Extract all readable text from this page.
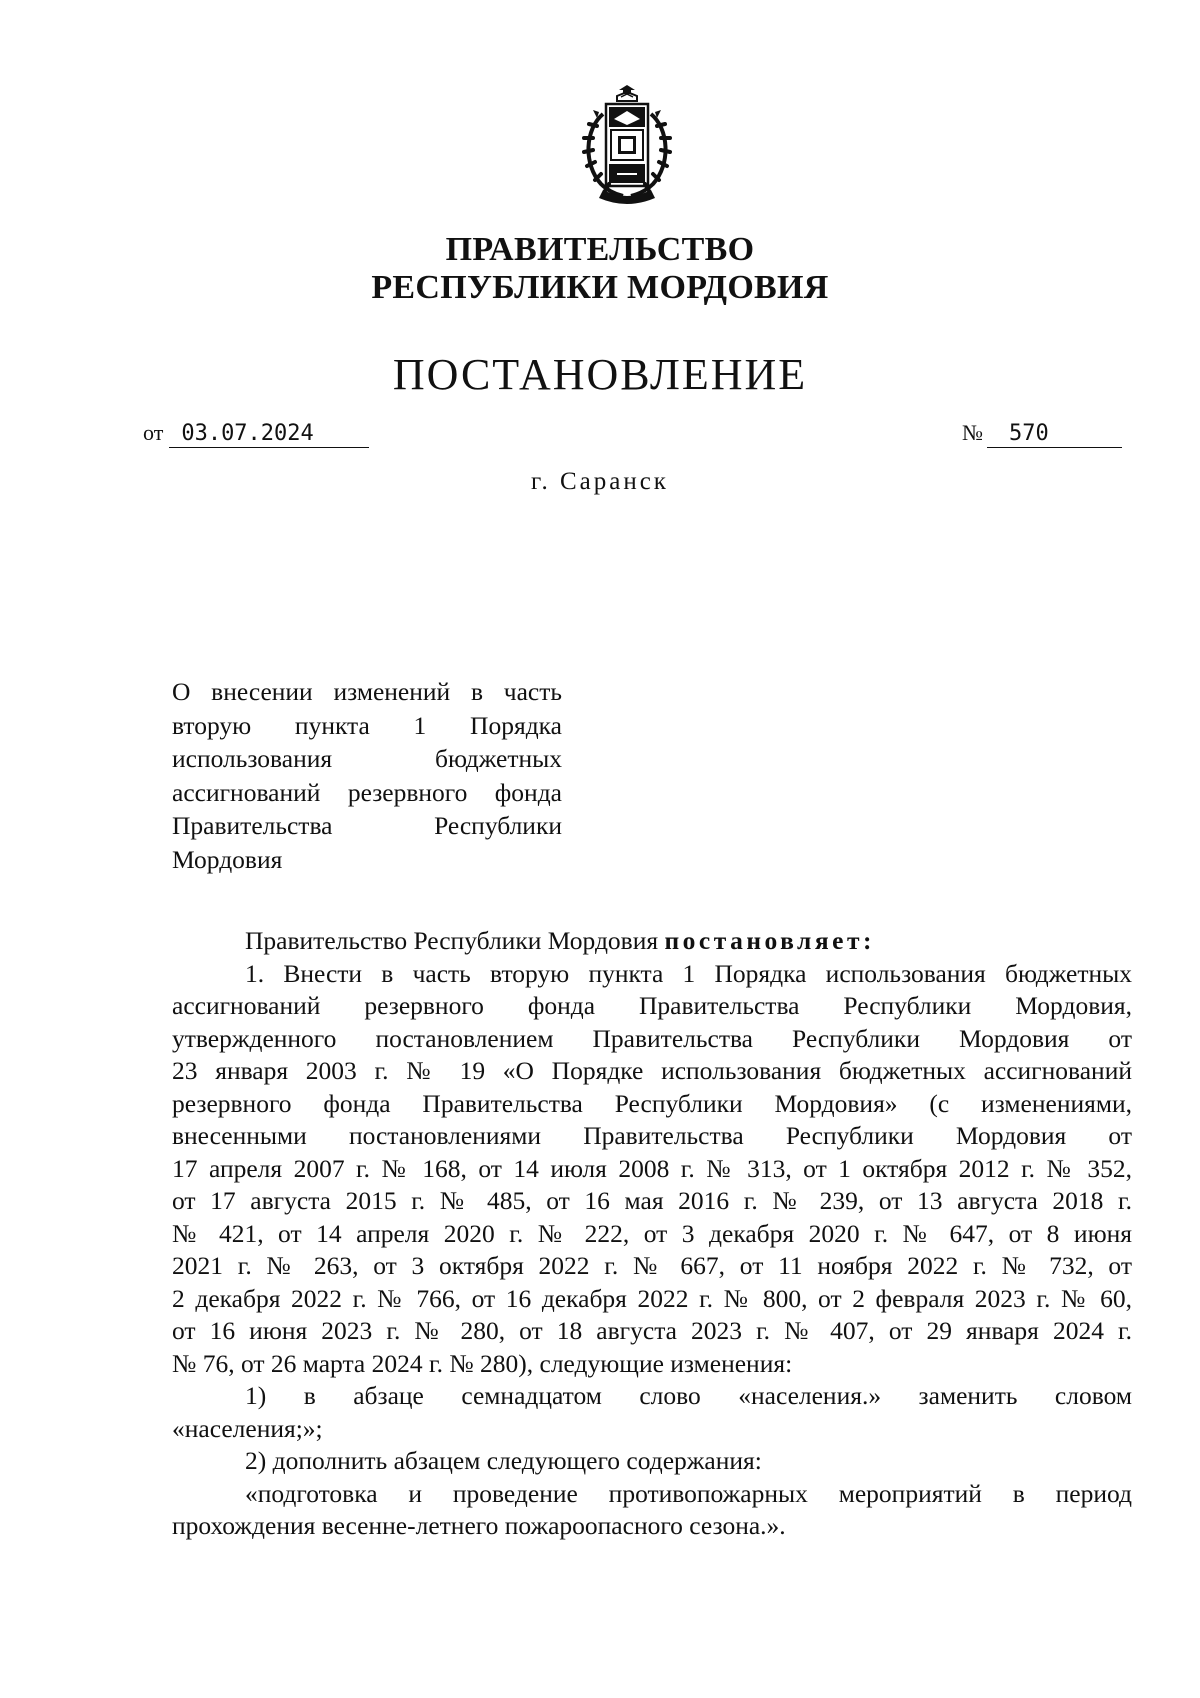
ПРАВИТЕЛЬСТВО
РЕСПУБЛИКИ МОРДОВИЯ
ПОСТАНОВЛЕНИЕ
от 03.07.2024	№ 570
г. Саранск
О внесении изменений в часть
вторую пункта 1 Порядка
использования бюджетных
ассигнований резервного фонда
Правительства Республики
Мордовия
Правительство Республики Мордовия постановляет:
1. Внести в часть вторую пункта 1 Порядка использования бюджетных
ассигнований резервного фонда Правительства Республики Мордовия,
утвержденного постановлением Правительства Республики Мордовия от
23 января 2003 г. № 19 «О Порядке использования бюджетных ассигнований
резервного фонда Правительства Республики Мордовия» (с изменениями,
внесенными постановлениями Правительства Республики Мордовия от
17 апреля 2007 г. № 168, от 14 июля 2008 г. № 313, от 1 октября 2012 г. № 352,
от 17 августа 2015 г. № 485, от 16 мая 2016 г. № 239, от 13 августа 2018 г.
№ 421, от 14 апреля 2020 г. № 222, от 3 декабря 2020 г. № 647, от 8 июня
2021 г. № 263, от 3 октября 2022 г. № 667, от 11 ноября 2022 г. № 732, от
2 декабря 2022 г. № 766, от 16 декабря 2022 г. № 800, от 2 февраля 2023 г. № 60,
от 16 июня 2023 г. № 280, от 18 августа 2023 г. № 407, от 29 января 2024 г.
№ 76, от 26 марта 2024 г. № 280), следующие изменения:
1) в абзаце семнадцатом слово «населения.» заменить словом
«населения;»;
2) дополнить абзацем следующего содержания:
«подготовка и проведение противопожарных мероприятий в период
прохождения весенне-летнего пожароопасного сезона.».
